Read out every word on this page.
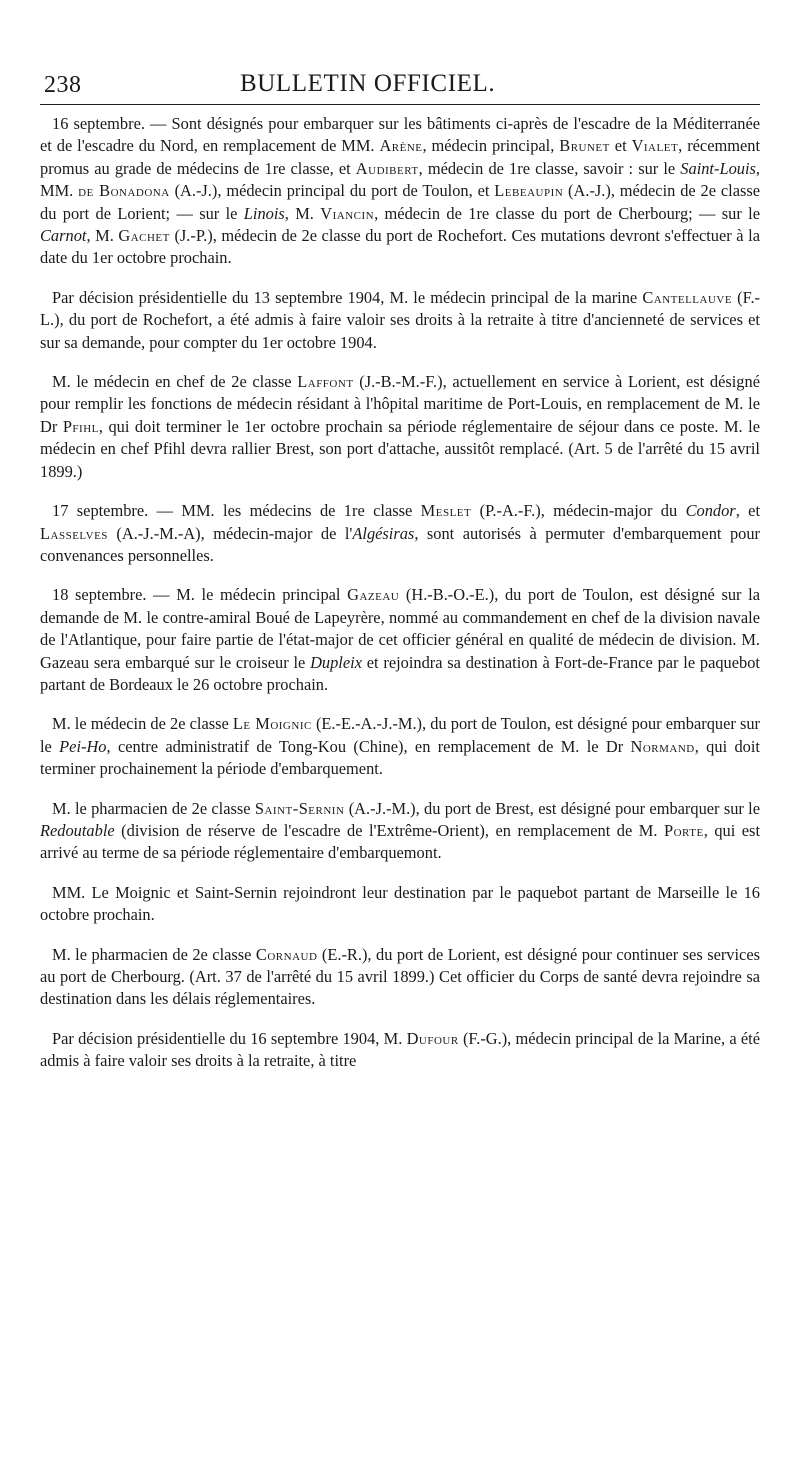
238	BULLETIN OFFICIEL.

16 septembre. — Sont désignés pour embarquer sur les bâtiments ci-après de l'escadre de la Méditerranée et de l'escadre du Nord, en remplacement de MM. Arène, médecin principal, Brunet et Vialet, récemment promus au grade de médecins de 1re classe, et Audibert, médecin de 1re classe, savoir : sur le Saint-Louis, MM. de Bonadona (A.-J.), médecin principal du port de Toulon, et Lebeaupin (A.-J.), médecin de 2e classe du port de Lorient; — sur le Linois, M. Viancin, médecin de 1re classe du port de Cherbourg; — sur le Carnot, M. Gachet (J.-P.), médecin de 2e classe du port de Rochefort. Ces mutations devront s'effectuer à la date du 1er octobre prochain.

Par décision présidentielle du 13 septembre 1904, M. le médecin principal de la marine Cantellauve (F.-L.), du port de Rochefort, a été admis à faire valoir ses droits à la retraite à titre d'ancienneté de services et sur sa demande, pour compter du 1er octobre 1904.

M. le médecin en chef de 2e classe Laffont (J.-B.-M.-F.), actuellement en service à Lorient, est désigné pour remplir les fonctions de médecin résidant à l'hôpital maritime de Port-Louis, en remplacement de M. le Dr Pfihl, qui doit terminer le 1er octobre prochain sa période réglementaire de séjour dans ce poste. M. le médecin en chef Pfihl devra rallier Brest, son port d'attache, aussitôt remplacé. (Art. 5 de l'arrêté du 15 avril 1899.)

17 septembre. — MM. les médecins de 1re classe Meslet (P.-A.-F.), médecin-major du Condor, et Lasselves (A.-J.-M.-A), médecin-major de l'Algésiras, sont autorisés à permuter d'embarquement pour convenances personnelles.

18 septembre. — M. le médecin principal Gazeau (H.-B.-O.-E.), du port de Toulon, est désigné sur la demande de M. le contre-amiral Boué de Lapeyrère, nommé au commandement en chef de la division navale de l'Atlantique, pour faire partie de l'état-major de cet officier général en qualité de médecin de division. M. Gazeau sera embarqué sur le croiseur le Dupleix et rejoindra sa destination à Fort-de-France par le paquebot partant de Bordeaux le 26 octobre prochain.

M. le médecin de 2e classe Le Moignic (E.-E.-A.-J.-M.), du port de Toulon, est désigné pour embarquer sur le Pei-Ho, centre administratif de Tong-Kou (Chine), en remplacement de M. le Dr Normand, qui doit terminer prochainement la période d'embarquement.

M. le pharmacien de 2e classe Saint-Sernin (A.-J.-M.), du port de Brest, est désigné pour embarquer sur le Redoutable (division de réserve de l'escadre de l'Extrême-Orient), en remplacement de M. Porte, qui est arrivé au terme de sa période réglementaire d'embarquemont.

MM. Le Moignic et Saint-Sernin rejoindront leur destination par le paquebot partant de Marseille le 16 octobre prochain.

M. le pharmacien de 2e classe Cornaud (E.-R.), du port de Lorient, est désigné pour continuer ses services au port de Cherbourg. (Art. 37 de l'arrêté du 15 avril 1899.) Cet officier du Corps de santé devra rejoindre sa destination dans les délais réglementaires.

Par décision présidentielle du 16 septembre 1904, M. Dufour (F.-G.), médecin principal de la Marine, a été admis à faire valoir ses droits à la retraite, à titre
